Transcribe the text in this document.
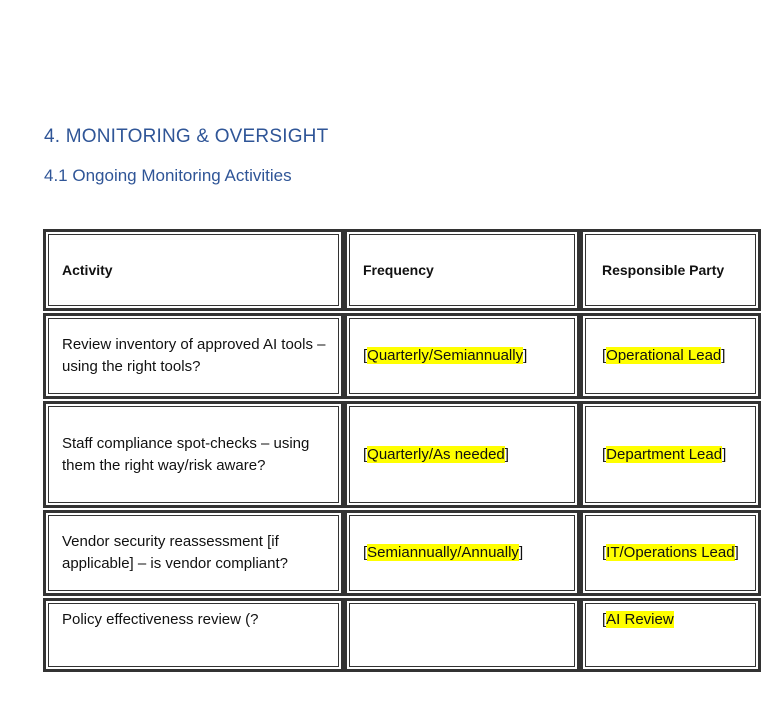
4. MONITORING & OVERSIGHT
4.1 Ongoing Monitoring Activities
Activity	Frequency	Responsible Party

Review inventory of approved AI tools – using the right tools?	[Quarterly/Semiannually]	[Operational Lead]

Staff compliance spot-checks – using them the right way/risk aware?	[Quarterly/As needed]	[Department Lead]

Vendor security reassessment [if applicable] – is vendor compliant?	[Semiannually/Annually]	[IT/Operations Lead]

Policy effectiveness review (?		[AI Review
